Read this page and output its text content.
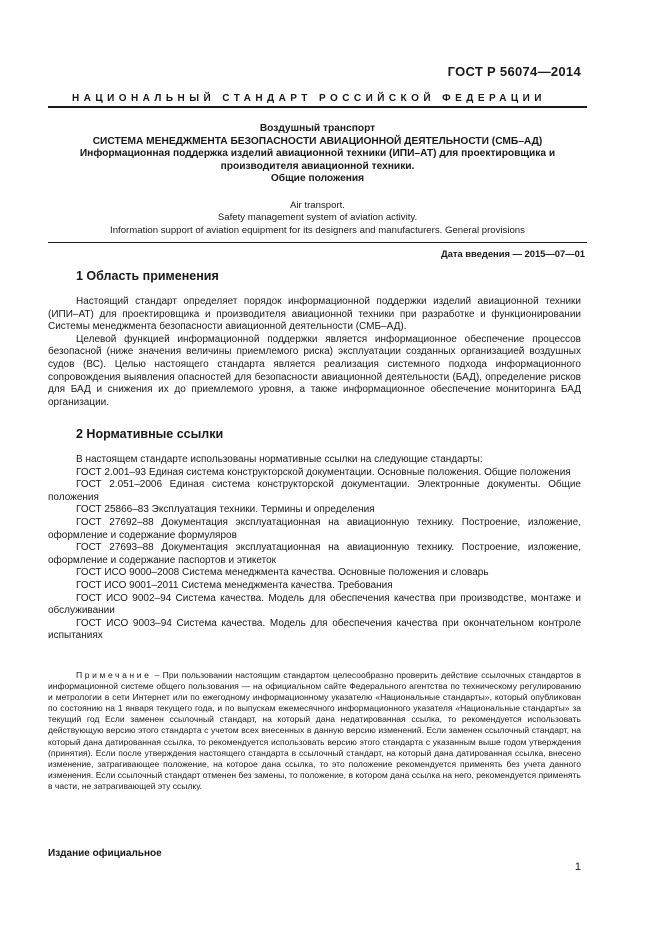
ГОСТ Р 56074—2014
НАЦИОНАЛЬНЫЙ СТАНДАРТ РОССИЙСКОЙ ФЕДЕРАЦИИ
Воздушный транспорт
СИСТЕМА МЕНЕДЖМЕНТА БЕЗОПАСНОСТИ АВИАЦИОННОЙ ДЕЯТЕЛЬНОСТИ (СМБ–АД)
Информационная поддержка изделий авиационной техники (ИПИ–АТ) для проектировщика и
производителя авиационной техники.
Общие положения
Air transport.
Safety management system of aviation activity.
Information support of aviation equipment for its designers and manufacturers. General provisions
Дата введения — 2015—07—01
1 Область применения

Настоящий стандарт определяет порядок информационной поддержки изделий авиационной техники (ИПИ–АТ) для проектировщика и производителя авиационной техники при разработке и функционировании Системы менеджмента безопасности авиационной деятельности (СМБ–АД).

Целевой функцией информационной поддержки является информационное обеспечение процессов безопасной (ниже значения величины приемлемого риска) эксплуатации созданных организацией воздушных судов (ВС). Целью настоящего стандарта является реализация системного подхода информационного сопровождения выявления опасностей для безопасности авиационной деятельности (БАД), определение рисков для БАД и снижения их до приемлемого уровня, а также информационное обеспечение мониторинга БАД организации.

2 Нормативные ссылки

В настоящем стандарте использованы нормативные ссылки на следующие стандарты:

ГОСТ 2.001–93 Единая система конструкторской документации. Основные положения. Общие положения

ГОСТ 2.051–2006 Единая система конструкторской документации. Электронные документы. Общие положения

ГОСТ 25866–83 Эксплуатация техники. Термины и определения

ГОСТ 27692–88 Документация эксплуатационная на авиационную технику. Построение, изложение, оформление и содержание формуляров

ГОСТ 27693–88 Документация эксплуатационная на авиационную технику. Построение, изложение, оформление и содержание паспортов и этикеток

ГОСТ ИСО 9000–2008 Система менеджмента качества. Основные положения и словарь

ГОСТ ИСО 9001–2011 Система менеджмента качества. Требования

ГОСТ ИСО 9002–94 Система качества. Модель для обеспечения качества при производстве, монтаже и обслуживании

ГОСТ ИСО 9003–94 Система качества. Модель для обеспечения качества при окончательном контроле испытаниях

Примечание – При пользовании настоящим стандартом целесообразно проверить действие ссылочных стандартов в информационной системе общего пользования — на официальном сайте Федерального агентства по техническому регулированию и метрологии в сети Интернет или по ежегодному информационному указателю «Национальные стандарты», который опубликован по состоянию на 1 января текущего года, и по выпускам ежемесячного информационного указателя «Национальные стандарты» за текущий год Если заменен ссылочный стандарт, на который дана недатированная ссылка, то рекомендуется использовать действующую версию этого стандарта с учетом всех внесенных в данную версию изменений. Если заменен ссылочный стандарт, на который дана датированная ссылка, то рекомендуется использовать версию этого стандарта с указанным выше годом утверждения (принятия). Если после утверждения настоящего стандарта в ссылочный стандарт, на который дана датированная ссылка, внесено изменение, затрагивающее положение, на которое дана ссылка, то это положение рекомендуется применять без учета данного изменения. Если ссылочный стандарт отменен без замены, то положение, в котором дана ссылка на него, рекомендуется применять в части, не затрагивающей эту ссылку.
Издание официальное
1
